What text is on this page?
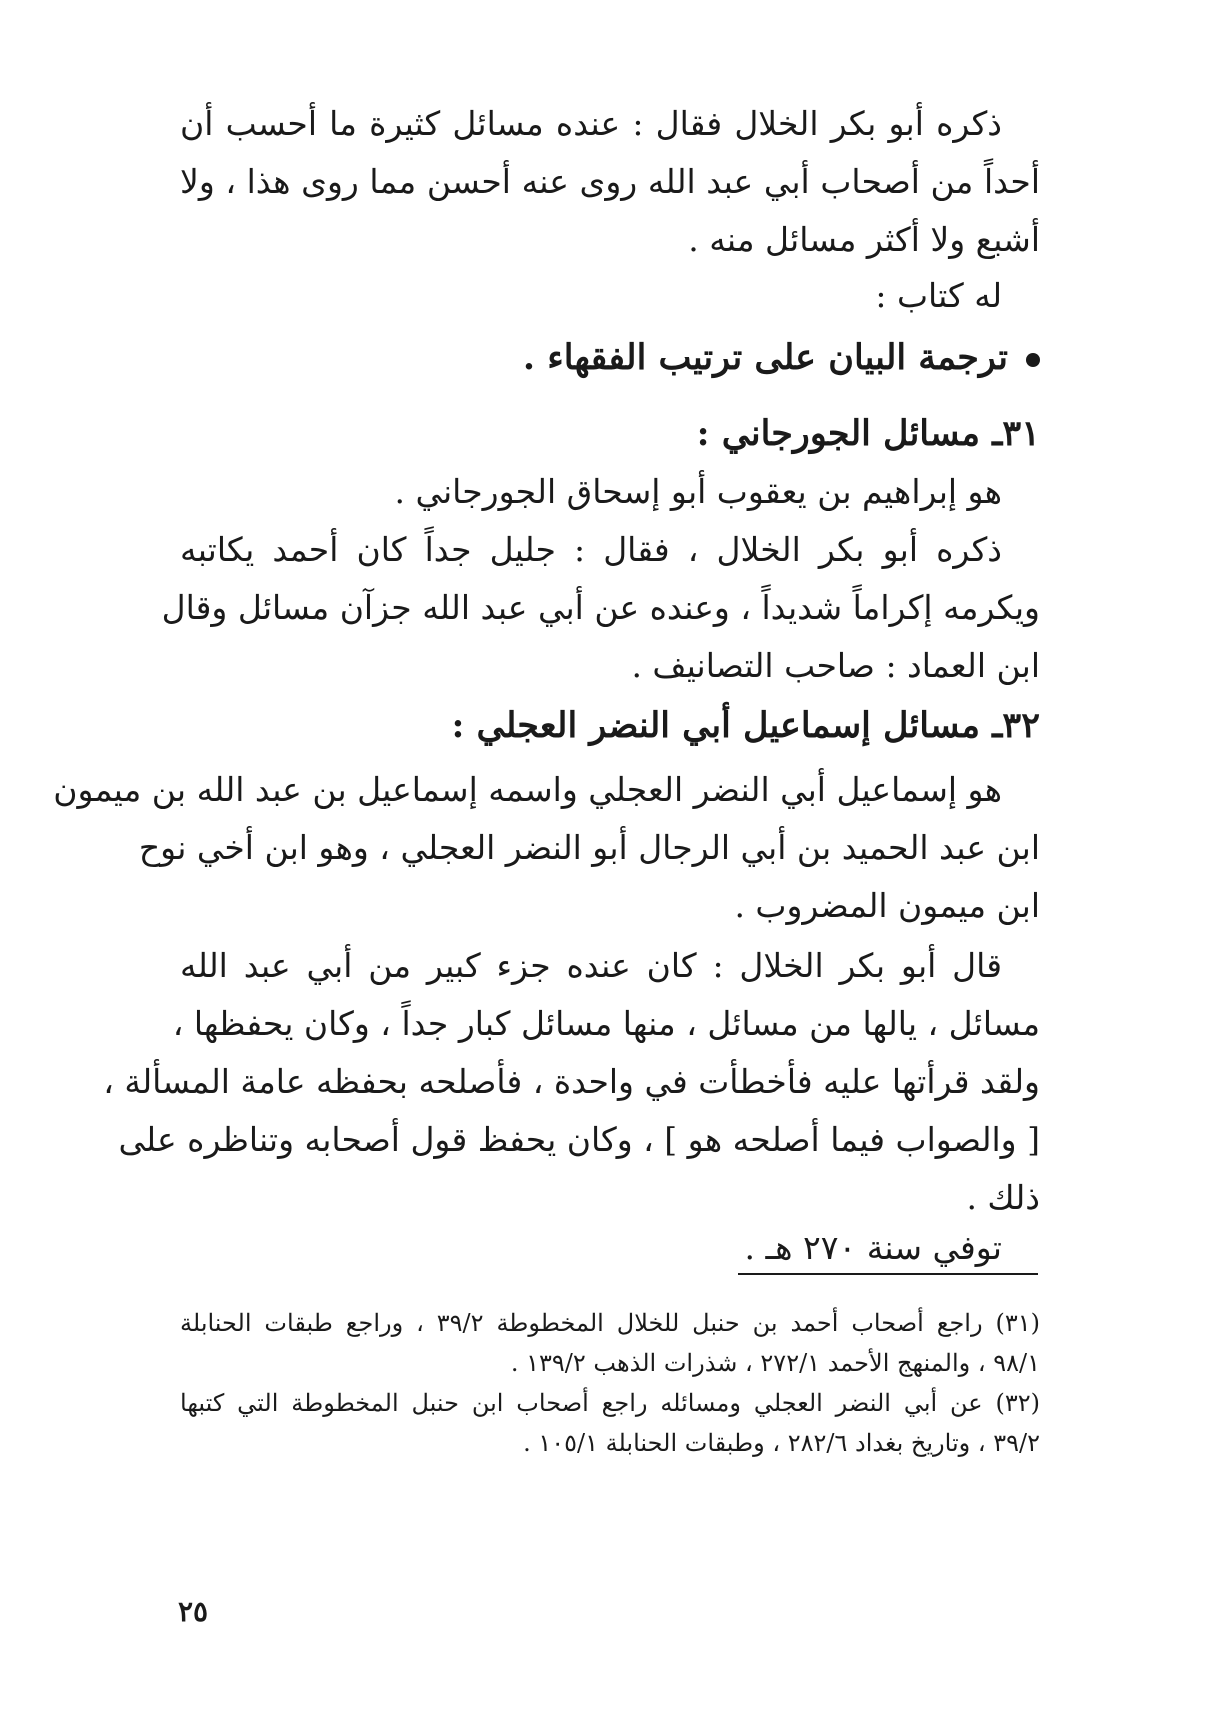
ذكره أبو بكر الخلال فقال : عنده مسائل كثيرة ما أحسب أن
أحداً من أصحاب أبي عبد الله روى عنه أحسن مما روى هذا ، ولا
أشبع ولا أكثر مسائل منه .
له كتاب :
ترجمة البيان على ترتيب الفقهاء .
٣١ـ مسائل الجورجاني :
هو إبراهيم بن يعقوب أبو إسحاق الجورجاني .
ذكره أبو بكر الخلال ، فقال : جليل جداً كان أحمد يكاتبه
ويكرمه إكراماً شديداً ، وعنده عن أبي عبد الله جزآن مسائل وقال
ابن العماد : صاحب التصانيف .
٣٢ـ مسائل إسماعيل أبي النضر العجلي :
هو إسماعيل أبي النضر العجلي واسمه إسماعيل بن عبد الله بن ميمون
ابن عبد الحميد بن أبي الرجال أبو النضر العجلي ، وهو ابن أخي نوح
ابن ميمون المضروب .
قال أبو بكر الخلال : كان عنده جزء كبير من أبي عبد الله
مسائل ، يالها من مسائل ، منها مسائل كبار جداً ، وكان يحفظها ،
ولقد قرأتها عليه فأخطأت في واحدة ، فأصلحه بحفظه عامة المسألة ،
[ والصواب فيما أصلحه هو ] ، وكان يحفظ قول أصحابه وتناظره على
ذلك .
توفي سنة ٢٧٠ هـ .
(٣١) راجع أصحاب أحمد بن حنبل للخلال المخطوطة ٣٩/٢ ، وراجع طبقات الحنابلة
٩٨/١ ، والمنهج الأحمد ٢٧٢/١ ، شذرات الذهب ١٣٩/٢ .
(٣٢) عن أبي النضر العجلي ومسائله راجع أصحاب ابن حنبل المخطوطة التي كتبها
٣٩/٢ ، وتاريخ بغداد ٢٨٢/٦ ، وطبقات الحنابلة ١٠٥/١ .
٢٥
